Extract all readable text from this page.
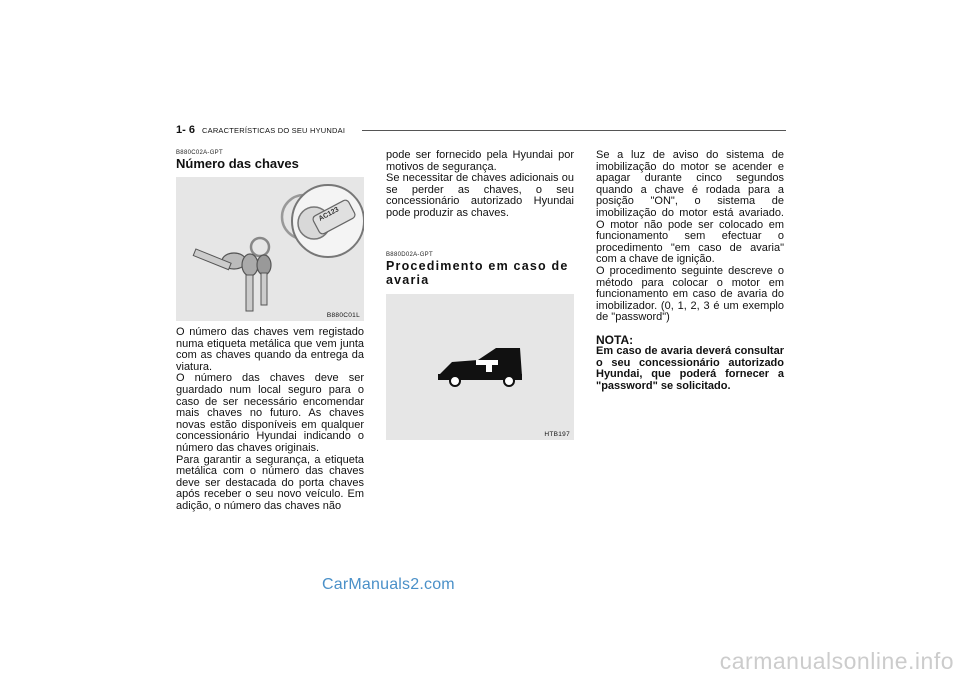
1- 6 CARACTERÍSTICAS DO SEU HYUNDAI
B880C02A-GPT
Número das chaves
AC123
B880C01L

O número das chaves vem registado numa etiqueta metálica que vem junta com as chaves quando da entrega da viatura.

O número das chaves deve ser guardado num local seguro para o caso de ser necessário encomendar mais chaves no futuro. As chaves novas estão disponíveis em qualquer concessionário Hyundai indicando o número das chaves originais.

Para garantir a segurança, a etiqueta metálica com o número das chaves deve ser destacada do porta chaves após receber o seu novo veículo. Em adição, o número das chaves não

pode ser fornecido pela Hyundai por motivos de segurança.

Se necessitar de chaves adicionais ou se perder as chaves, o seu concessionário autorizado Hyundai pode produzir as chaves.

B880D02A-GPT
Procedimento em caso de avaria
HTB197

Se a luz de aviso do sistema de imobilização do motor se acender e apagar durante cinco segundos quando a chave é rodada para a posição "ON", o sistema de imobilização do motor está avariado. O motor não pode ser colocado em funcionamento sem efectuar o procedimento "em caso de avaria" com a chave de ignição.

O procedimento seguinte descreve o método para colocar o motor em funcionamento em caso de avaria do imobilizador. (0, 1, 2, 3 é um exemplo de "password")

NOTA:
Em caso de avaria deverá consultar o seu concessionário autorizado Hyundai, que poderá fornecer a "password" se solicitado.
CarManuals2.com
carmanualsonline.info
